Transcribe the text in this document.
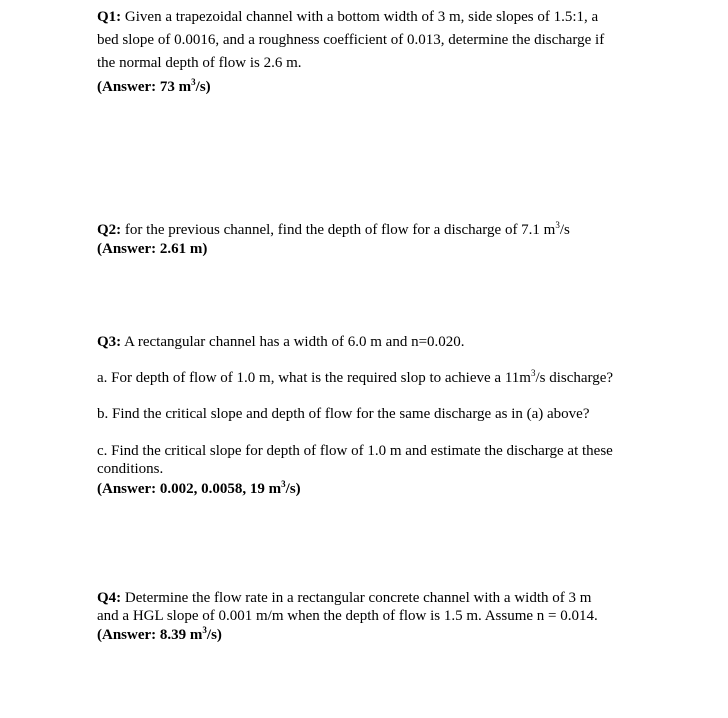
Q1: Given a trapezoidal channel with a bottom width of 3 m, side slopes of 1.5:1, a
bed slope of 0.0016, and a roughness coefficient of 0.013, determine the discharge if
the normal depth of flow is 2.6 m.
(Answer: 73 $m^3/s$)
Q2: for the previous channel, find the depth of flow for a discharge of 7.1 $m^3/s$
(Answer: 2.61 m)
Q3: A rectangular channel has a width of 6.0 m and n=0.020.
a. For depth of flow of 1.0 m, what is the required slop to achieve a $11m^3/s$ discharge?
b. Find the critical slope and depth of flow for the same discharge as in (a) above?
c. Find the critical slope for depth of flow of 1.0 m and estimate the discharge at these
conditions.
(Answer: 0.002, 0.0058, 19 $m^3/s$)
Q4: Determine the flow rate in a rectangular concrete channel with a width of 3 m
and a HGL slope of 0.001 m/m when the depth of flow is 1.5 m. Assume n = 0.014.
(Answer: 8.39 $m^3/s$)
